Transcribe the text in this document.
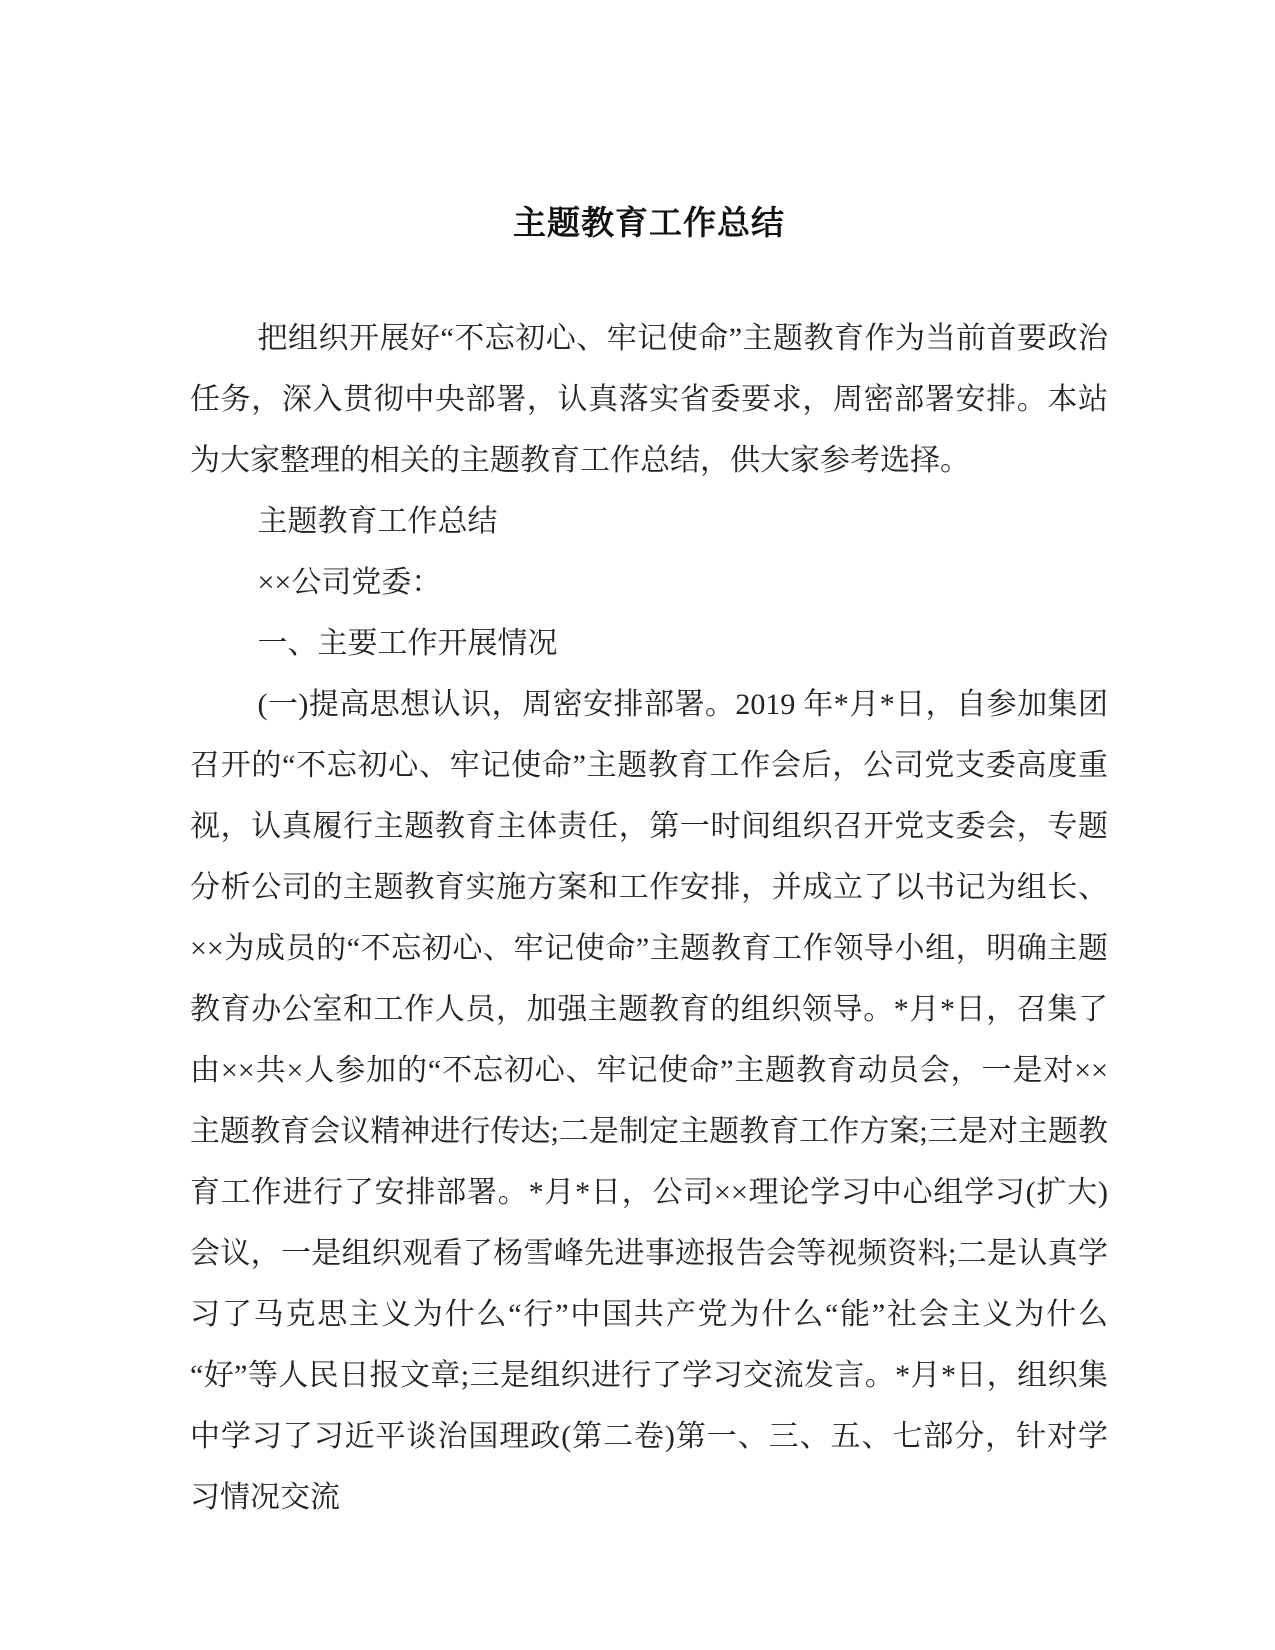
主题教育工作总结

把组织开展好“不忘初心、牢记使命”主题教育作为当前首要政治任务，深入贯彻中央部署，认真落实省委要求，周密部署安排。本站为大家整理的相关的主题教育工作总结，供大家参考选择。

主题教育工作总结

××公司党委：

一、主要工作开展情况

(一)提高思想认识，周密安排部署。2019 年*月*日，自参加集团召开的“不忘初心、牢记使命”主题教育工作会后，公司党支委高度重视，认真履行主题教育主体责任，第一时间组织召开党支委会，专题分析公司的主题教育实施方案和工作安排，并成立了以书记为组长、××为成员的“不忘初心、牢记使命”主题教育工作领导小组，明确主题教育办公室和工作人员，加强主题教育的组织领导。*月*日，召集了由××共×人参加的“不忘初心、牢记使命”主题教育动员会，一是对××主题教育会议精神进行传达;二是制定主题教育工作方案;三是对主题教育工作进行了安排部署。*月*日，公司××理论学习中心组学习(扩大)会议，一是组织观看了杨雪峰先进事迹报告会等视频资料;二是认真学习了马克思主义为什么“行”中国共产党为什么“能”社会主义为什么“好”等人民日报文章;三是组织进行了学习交流发言。*月*日，组织集中学习了习近平谈治国理政(第二卷)第一、三、五、七部分，针对学习情况交流
